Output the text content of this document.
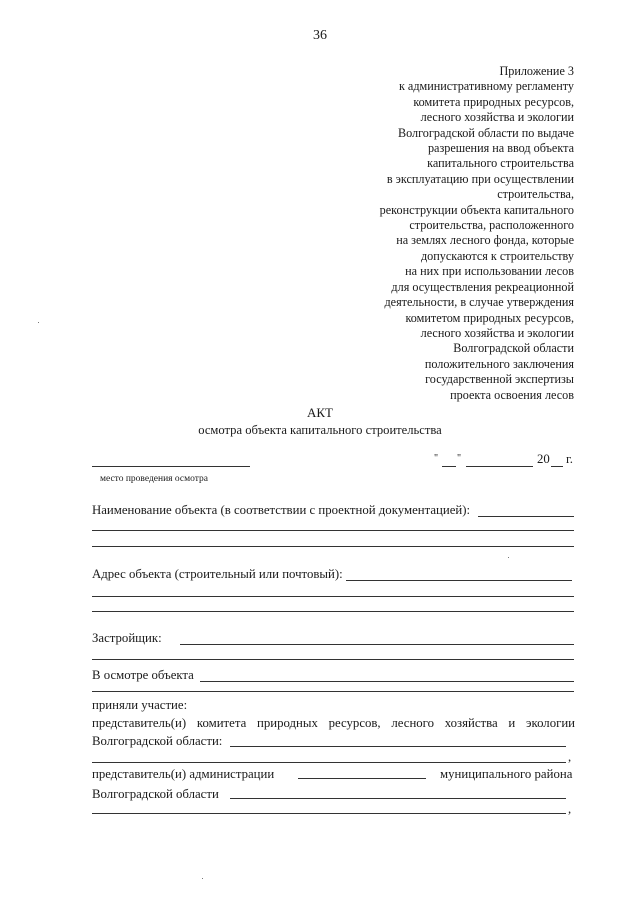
36
Приложение 3
к административному регламенту
комитета природных ресурсов,
лесного хозяйства и экологии
Волгоградской области по выдаче
разрешения на ввод объекта
капитального строительства
в эксплуатацию при осуществлении
строительства,
реконструкции объекта капитального
строительства, расположенного
на землях лесного фонда, которые
допускаются к строительству
на них при использовании лесов
для осуществления рекреационной
деятельности, в случае утверждения
комитетом природных ресурсов,
лесного хозяйства и экологии
Волгоградской области
положительного заключения
государственной экспертизы
проекта освоения лесов
АКТ
осмотра объекта капитального строительства
место проведения осмотра
" "	20 г.
Наименование объекта (в соответствии с проектной документацией):
Адрес объекта (строительный или почтовый):
Застройщик:
В осмотре объекта
приняли участие:
представитель(и) комитета природных ресурсов, лесного хозяйства и экологии
Волгоградской области:
,
представитель(и) администрации	муниципального района
Волгоградской области
,
